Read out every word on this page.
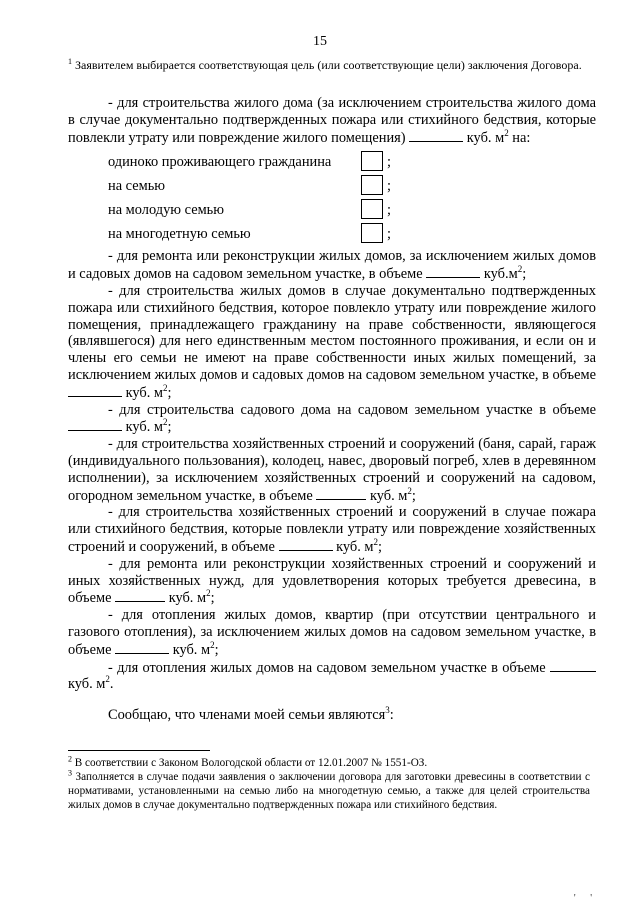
15
$^1$ Заявителем выбирается соответствующая цель (или соответствующие цели) заключения Договора.

- для строительства жилого дома (за исключением строительства жилого дома в случае документально подтвержденных пожара или стихийного бедствия, которые повлекли утрату или повреждение жилого помещения)	куб. $м^2$ на:

одиноко проживающего гражданина	;
на семью	;
на молодую семью	;
на многодетную семью	;

- для ремонта или реконструкции жилых домов, за исключением жилых домов и садовых домов на садовом земельном участке, в объеме	$куб.м^2$;

- для строительства жилых домов в случае документально подтвержденных пожара или стихийного бедствия, которое повлекло утрату или повреждение жилого помещения, принадлежащего гражданину на праве собственности, являющегося (являвшегося) для него единственным местом постоянного проживания, и если он и члены его семьи не имеют на праве собственности иных жилых помещений, за исключением жилых домов и садовых домов на садовом земельном участке, в объеме  куб. $м^2$;

- для строительства садового дома на садовом земельном участке в объеме  куб. $м^2$;

- для строительства хозяйственных строений и сооружений (баня, сарай, гараж (индивидуального пользования), колодец, навес, дворовый погреб, хлев в деревянном исполнении), за исключением хозяйственных строений и сооружений на садовом, огородном земельном участке, в объеме	куб. $м^2$;

- для строительства хозяйственных строений и сооружений в случае пожара или стихийного бедствия, которые повлекли утрату или повреждение хозяйственных строений и сооружений, в объеме	куб. $м^2$;

- для ремонта или реконструкции хозяйственных строений и сооружений и иных хозяйственных нужд, для удовлетворения которых требуется древесина, в объеме	куб. $м^2$;

- для отопления жилых домов, квартир (при отсутствии центрального и газового отопления), за исключением жилых домов на садовом земельном участке, в объеме	куб. $м^2$;

- для отопления жилых домов на садовом земельном участке в объеме  куб. $м^2$.

Сообщаю, что членами моей семьи являются$^3$:

$^2$ В соответствии с Законом Вологодской области от 12.01.2007 № 1551-ОЗ.

$^3$ Заполняется в случае подачи заявления о заключении договора для заготовки древесины в соответствии с нормативами, установленными на семью либо на многодетную семью, а также для целей строительства жилых домов в случае документально подтвержденных пожара или стихийного бедствия.

' '
